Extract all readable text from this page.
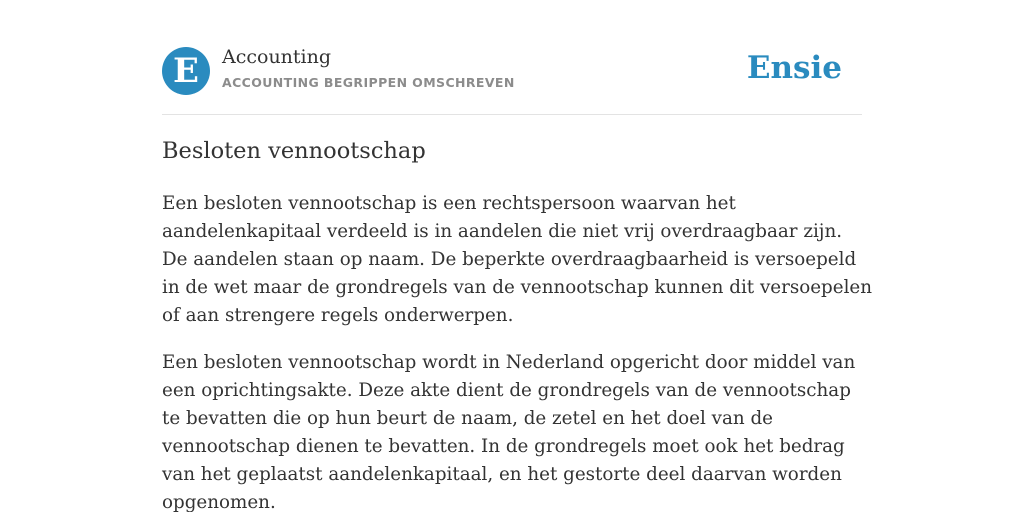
E	Accounting
ACCOUNTING BEGRIPPEN OMSCHREVEN	Ensie
Besloten vennootschap

Een besloten vennootschap is een rechtspersoon waarvan het aandelenkapitaal verdeeld is in aandelen die niet vrij overdraagbaar zijn. De aandelen staan op naam. De beperkte overdraagbaarheid is versoepeld in de wet maar de grondregels van de vennootschap kunnen dit versoepelen of aan strengere regels onderwerpen.

Een besloten vennootschap wordt in Nederland opgericht door middel van een oprichtingsakte. Deze akte dient de grondregels van de vennootschap te bevatten die op hun beurt de naam, de zetel en het doel van de vennootschap dienen te bevatten. In de grondregels moet ook het bedrag van het geplaatst aandelenkapitaal, en het gestorte deel daarvan worden opgenomen.
